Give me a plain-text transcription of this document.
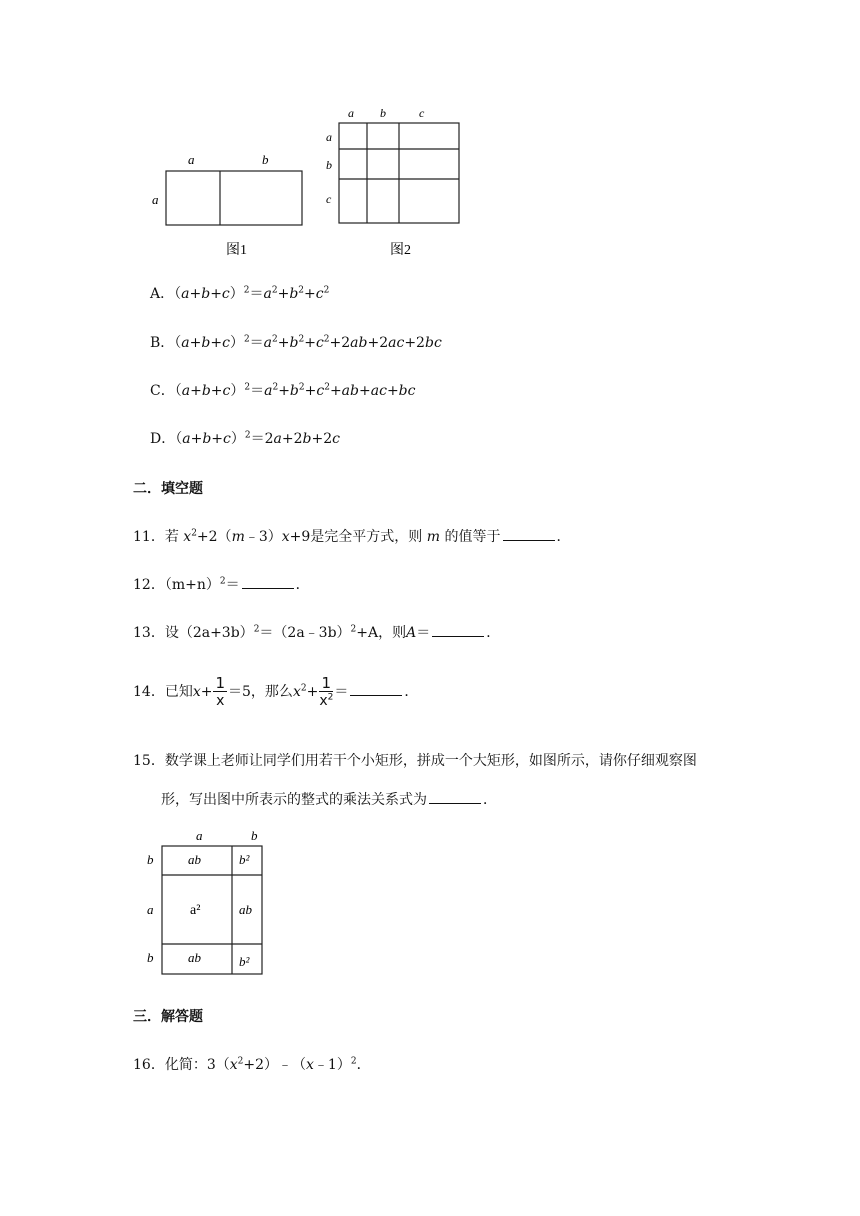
a	b
a
图1
a b	c
a
b
c
图2
A．$(a+b+c)^2=a^2+b^2+c^2$
B．$(a+b+c)^2=a^2+b^2+c^2+2ab+2ac+2bc$
C．$(a+b+c)^2=a^2+b^2+c^2+ab+ac+bc$
D．$(a+b+c)^2=2a+2b+2c$
二．填空题
11．若 $x^2+2(m﹣3)x+9$是完全平方式，则 m 的值等于	．
12．$(m+n)^2=$	．
13．设$(2a+3b)^2=(2a﹣3b)^2+A$，则A＝	．
14．已知$x+ \frac{1}{x} =5$，那么$x^2+ \frac{1}{x^2}$ ＝	．
15．数学课上老师让同学们用若干个小矩形，拼成一个大矩形，如图所示，请你仔细观察图
形，写出图中所表示的整式的乘法关系式为	．
a	b
b
a
b
ab	b²
a²	ab
ab	b²
三．解答题
16．化简：$3(x^2+2)﹣(x﹣1)^2$．
